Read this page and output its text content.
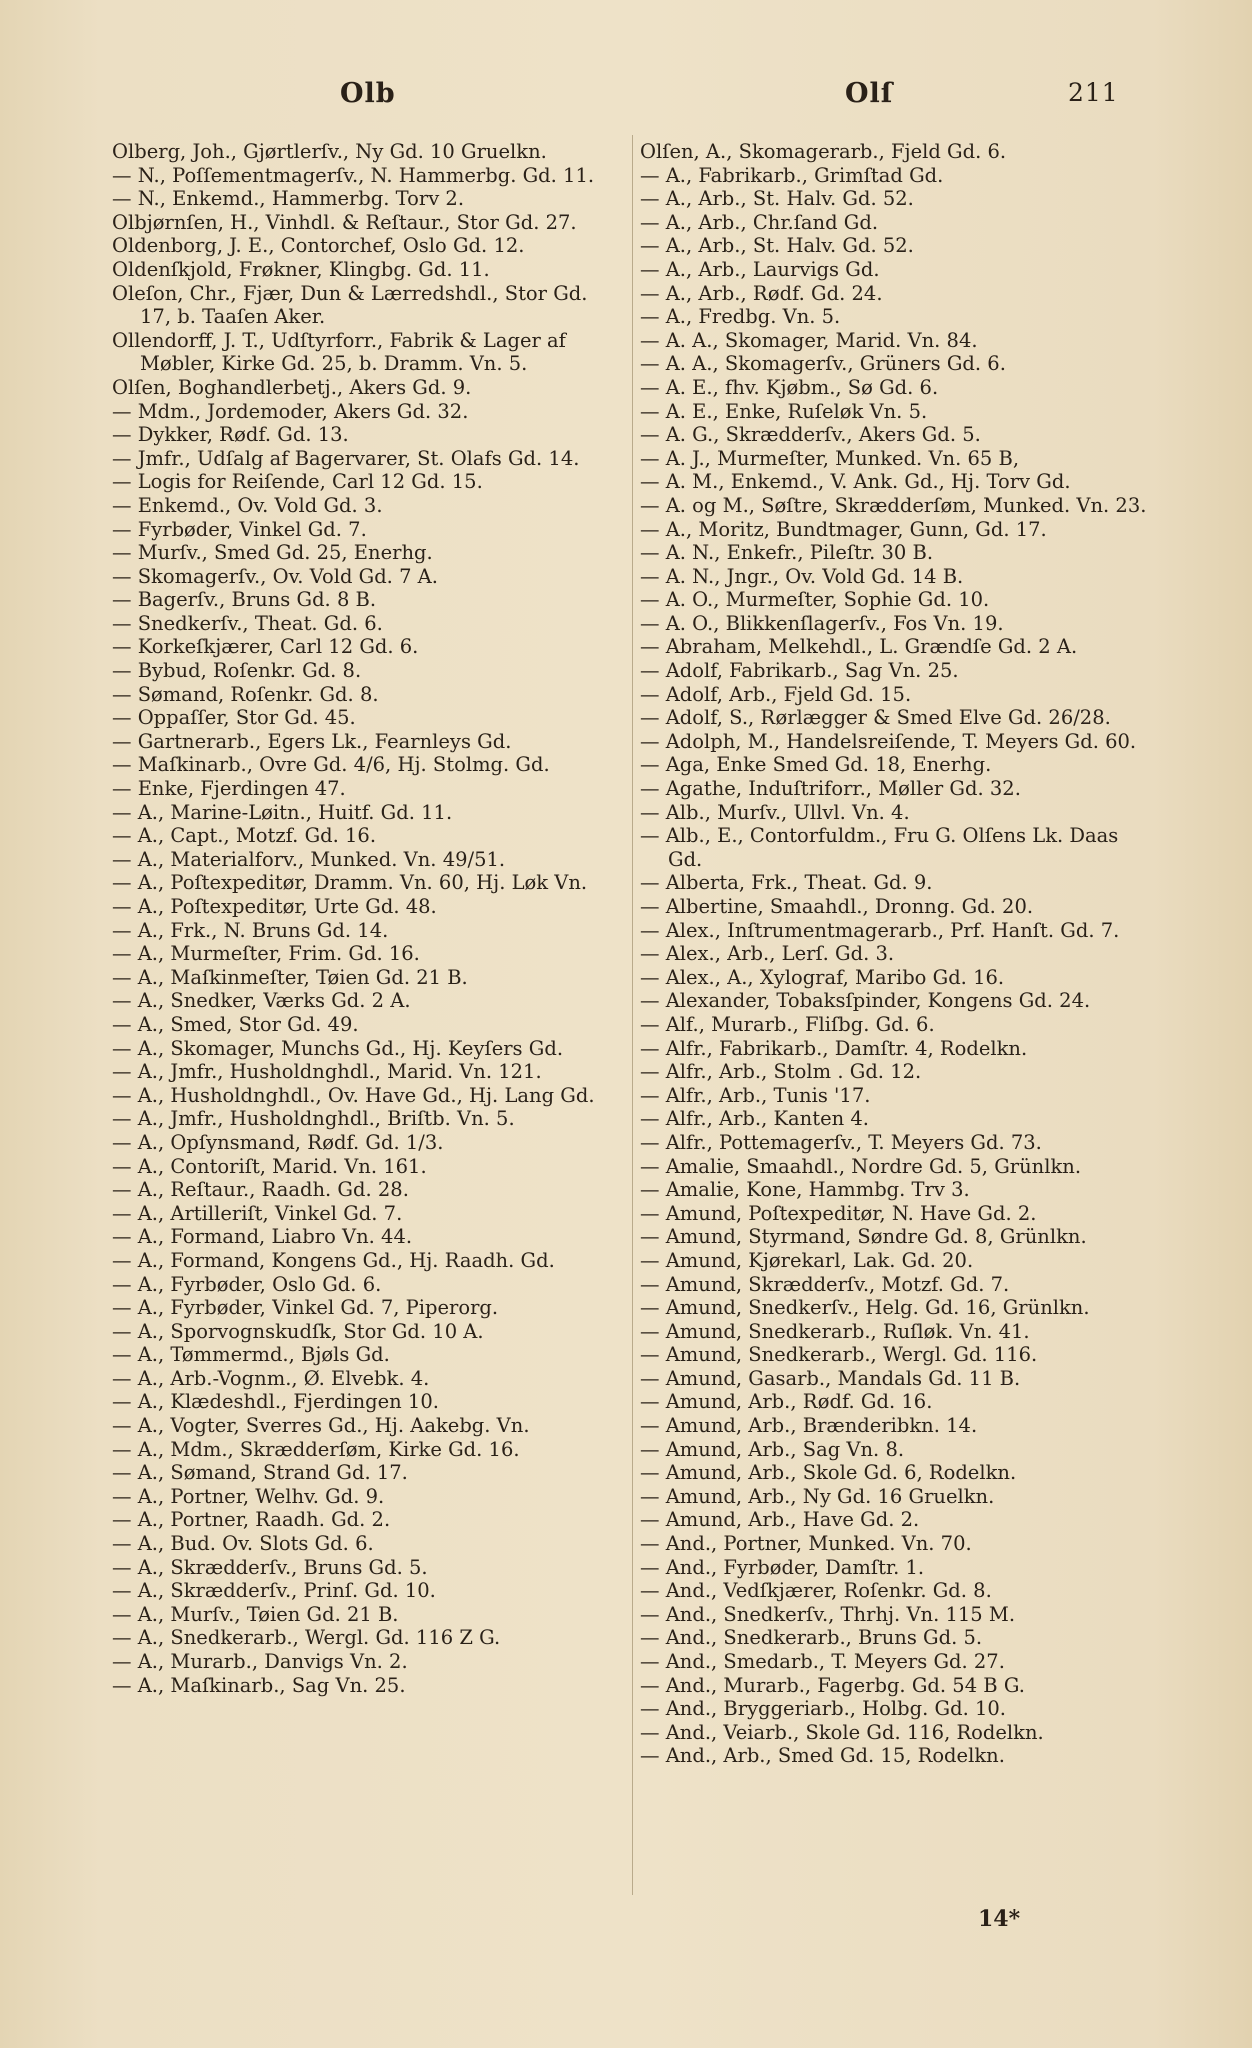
Olb	Olſ	211
Olberg, Joh., Gjørtlerſv., Ny Gd. 10 Gruelkn.
— N., Poſſementmagerſv., N. Hammerbg. Gd. 11.
— N., Enkemd., Hammerbg. Torv 2.
Olbjørnſen, H., Vinhdl. & Reſtaur., Stor Gd. 27.
Oldenborg, J. E., Contorchef, Oslo Gd. 12.
Oldenſkjold, Frøkner, Klingbg. Gd. 11.
Oleſon, Chr., Fjær, Dun & Lærredshdl., Stor Gd. 17, b. Taaſen Aker.
Ollendorff, J. T., Udſtyrforr., Fabrik & Lager af Møbler, Kirke Gd. 25, b. Dramm. Vn. 5.
Olſen, Boghandlerbetj., Akers Gd. 9.
— Mdm., Jordemoder, Akers Gd. 32.
— Dykker, Rødf. Gd. 13.
— Jmfr., Udſalg af Bagervarer, St. Olafs Gd. 14.
— Logis for Reiſende, Carl 12 Gd. 15.
— Enkemd., Ov. Vold Gd. 3.
— Fyrbøder, Vinkel Gd. 7.
— Murſv., Smed Gd. 25, Enerhg.
— Skomagerſv., Ov. Vold Gd. 7 A.
— Bagerſv., Bruns Gd. 8 B.
— Snedkerſv., Theat. Gd. 6.
— Korkeſkjærer, Carl 12 Gd. 6.
— Bybud, Roſenkr. Gd. 8.
— Sømand, Roſenkr. Gd. 8.
— Oppaſſer, Stor Gd. 45.
— Gartnerarb., Egers Lk., Fearnleys Gd.
— Maſkinarb., Ovre Gd. 4/6, Hj. Stolmg. Gd.
— Enke, Fjerdingen 47.
— A., Marine-Løitn., Huitf. Gd. 11.
— A., Capt., Motzf. Gd. 16.
— A., Materialforv., Munked. Vn. 49/51.
— A., Poſtexpeditør, Dramm. Vn. 60, Hj. Løk Vn.
— A., Poſtexpeditør, Urte Gd. 48.
— A., Frk., N. Bruns Gd. 14.
— A., Murmeſter, Frim. Gd. 16.
— A., Maſkinmeſter, Tøien Gd. 21 B.
— A., Snedker, Værks Gd. 2 A.
— A., Smed, Stor Gd. 49.
— A., Skomager, Munchs Gd., Hj. Keyſers Gd.
— A., Jmfr., Husholdnghdl., Marid. Vn. 121.
— A., Husholdnghdl., Ov. Have Gd., Hj. Lang Gd.
— A., Jmfr., Husholdnghdl., Briſtb. Vn. 5.
— A., Opſynsmand, Rødf. Gd. 1/3.
— A., Contoriſt, Marid. Vn. 161.
— A., Reſtaur., Raadh. Gd. 28.
— A., Artilleriſt, Vinkel Gd. 7.
— A., Formand, Liabro Vn. 44.
— A., Formand, Kongens Gd., Hj. Raadh. Gd.
— A., Fyrbøder, Oslo Gd. 6.
— A., Fyrbøder, Vinkel Gd. 7, Piperorg.
— A., Sporvognskudſk, Stor Gd. 10 A.
— A., Tømmermd., Bjøls Gd.
— A., Arb.-Vognm., Ø. Elvebk. 4.
— A., Klædeshdl., Fjerdingen 10.
— A., Vogter, Sverres Gd., Hj. Aakebg. Vn.
— A., Mdm., Skrædderſøm, Kirke Gd. 16.
— A., Sømand, Strand Gd. 17.
— A., Portner, Welhv. Gd. 9.
— A., Portner, Raadh. Gd. 2.
— A., Bud. Ov. Slots Gd. 6.
— A., Skrædderſv., Bruns Gd. 5.
— A., Skrædderſv., Prinſ. Gd. 10.
— A., Murſv., Tøien Gd. 21 B.
— A., Snedkerarb., Wergl. Gd. 116 Z G.
— A., Murarb., Danvigs Vn. 2.
— A., Maſkinarb., Sag Vn. 25.
Olſen, A., Skomagerarb., Fjeld Gd. 6.
— A., Fabrikarb., Grimſtad Gd.
— A., Arb., St. Halv. Gd. 52.
— A., Arb., Chr.ſand Gd.
— A., Arb., St. Halv. Gd. 52.
— A., Arb., Laurvigs Gd.
— A., Arb., Rødf. Gd. 24.
— A., Fredbg. Vn. 5.
— A. A., Skomager, Marid. Vn. 84.
— A. A., Skomagerſv., Grüners Gd. 6.
— A. E., fhv. Kjøbm., Sø Gd. 6.
— A. E., Enke, Ruſeløk Vn. 5.
— A. G., Skrædderſv., Akers Gd. 5.
— A. J., Murmeſter, Munked. Vn. 65 B,
— A. M., Enkemd., V. Ank. Gd., Hj. Torv Gd.
— A. og M., Søſtre, Skrædderſøm, Munked. Vn. 23.
— A., Moritz, Bundtmager, Gunn, Gd. 17.
— A. N., Enkefr., Pileſtr. 30 B.
— A. N., Jngr., Ov. Vold Gd. 14 B.
— A. O., Murmeſter, Sophie Gd. 10.
— A. O., Blikkenſlagerſv., Fos Vn. 19.
— Abraham, Melkehdl., L. Grændſe Gd. 2 A.
— Adolf, Fabrikarb., Sag Vn. 25.
— Adolf, Arb., Fjeld Gd. 15.
— Adolf, S., Rørlægger & Smed Elve Gd. 26/28.
— Adolph, M., Handelsreiſende, T. Meyers Gd. 60.
— Aga, Enke Smed Gd. 18, Enerhg.
— Agathe, Induſtriforr., Møller Gd. 32.
— Alb., Murſv., Ullvl. Vn. 4.
— Alb., E., Contorfuldm., Fru G. Olſens Lk. Daas Gd.
— Alberta, Frk., Theat. Gd. 9.
— Albertine, Smaahdl., Dronng. Gd. 20.
— Alex., Inſtrumentmagerarb., Prf. Hanſt. Gd. 7.
— Alex., Arb., Lerſ. Gd. 3.
— Alex., A., Xylograf, Maribo Gd. 16.
— Alexander, Tobaksſpinder, Kongens Gd. 24.
— Alf., Murarb., Fliſbg. Gd. 6.
— Alfr., Fabrikarb., Damſtr. 4, Rodelkn.
— Alfr., Arb., Stolm . Gd. 12.
— Alfr., Arb., Tunis '17.
— Alfr., Arb., Kanten 4.
— Alfr., Pottemagerſv., T. Meyers Gd. 73.
— Amalie, Smaahdl., Nordre Gd. 5, Grünlkn.
— Amalie, Kone, Hammbg. Trv 3.
— Amund, Poſtexpeditør, N. Have Gd. 2.
— Amund, Styrmand, Søndre Gd. 8, Grünlkn.
— Amund, Kjørekarl, Lak. Gd. 20.
— Amund, Skrædderſv., Motzf. Gd. 7.
— Amund, Snedkerſv., Helg. Gd. 16, Grünlkn.
— Amund, Snedkerarb., Ruſløk. Vn. 41.
— Amund, Snedkerarb., Wergl. Gd. 116.
— Amund, Gasarb., Mandals Gd. 11 B.
— Amund, Arb., Rødf. Gd. 16.
— Amund, Arb., Brænderibkn. 14.
— Amund, Arb., Sag Vn. 8.
— Amund, Arb., Skole Gd. 6, Rodelkn.
— Amund, Arb., Ny Gd. 16 Gruelkn.
— Amund, Arb., Have Gd. 2.
— And., Portner, Munked. Vn. 70.
— And., Fyrbøder, Damſtr. 1.
— And., Vedſkjærer, Roſenkr. Gd. 8.
— And., Snedkerſv., Thrhj. Vn. 115 M.
— And., Snedkerarb., Bruns Gd. 5.
— And., Smedarb., T. Meyers Gd. 27.
— And., Murarb., Fagerbg. Gd. 54 B G.
— And., Bryggeriarb., Holbg. Gd. 10.
— And., Veiarb., Skole Gd. 116, Rodelkn.
— And., Arb., Smed Gd. 15, Rodelkn.
14*
